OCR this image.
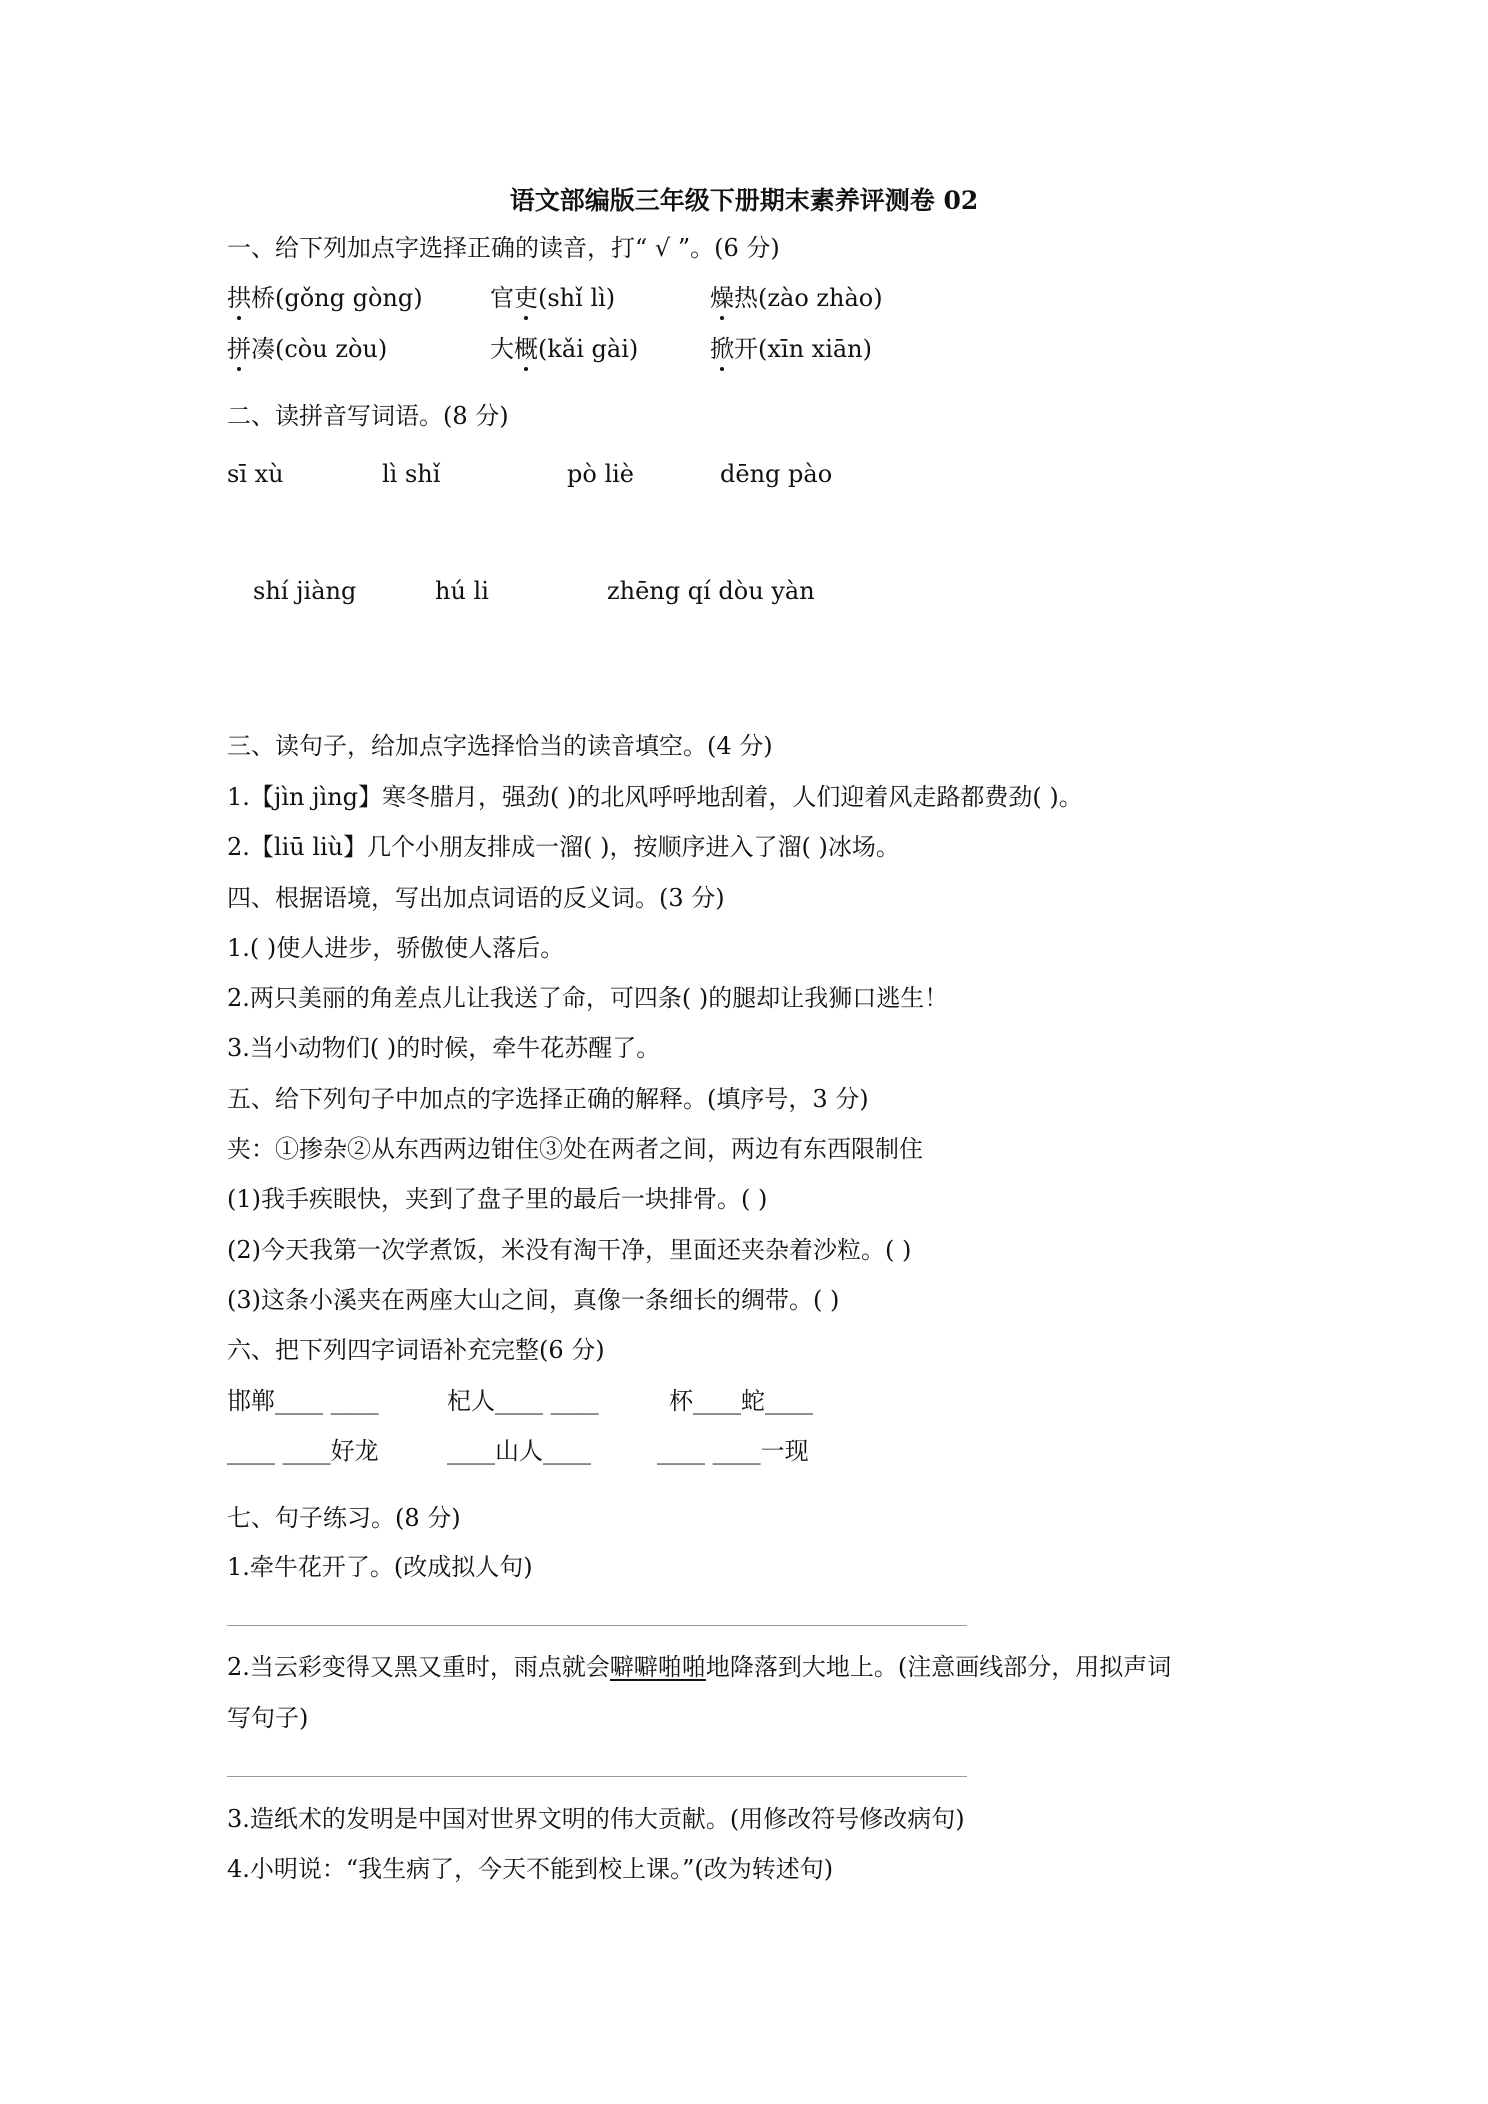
语文部编版三年级下册期末素养评测卷 02
一、给下列加点字选择正确的读音，打“ √ ”。(6 分)
拱桥(gǒng gòng)	官吏(shǐ lì)	燥热(zào zhào)
拼凑(còu zòu)	大概(kǎi gài)	掀开(xīn xiān)
二、读拼音写词语。(8 分)
sī xù	lì shǐ	pò liè	dēng pào
shí jiàng	hú li	zhēng qí dòu yàn
三、读句子，给加点字选择恰当的读音填空。(4 分)
1.【jìn jìng】寒冬腊月，强劲( )的北风呼呼地刮着，人们迎着风走路都费劲( )。
2.【liū liù】几个小朋友排成一溜( )，按顺序进入了溜( )冰场。
四、根据语境，写出加点词语的反义词。(3 分)
1.( )使人进步，骄傲使人落后。
2.两只美丽的角差点儿让我送了命，可四条( )的腿却让我狮口逃生！
3.当小动物们( )的时候，牵牛花苏醒了。
五、给下列句子中加点的字选择正确的解释。(填序号，3 分)
夹：①掺杂②从东西两边钳住③处在两者之间，两边有东西限制住
(1)我手疾眼快，夹到了盘子里的最后一块排骨。( )
(2)今天我第一次学煮饭，米没有淘干净，里面还夹杂着沙粒。( )
(3)这条小溪夹在两座大山之间，真像一条细长的绸带。( )
六、把下列四字词语补充完整(6 分)
邯郸____ ____	杞人____ ____	杯____蛇____
____ ____好龙	____山人____	____ ____一现
七、句子练习。(8 分)
1.牵牛花开了。(改成拟人句)
2.当云彩变得又黑又重时，雨点就会噼噼啪啪地降落到大地上。(注意画线部分，用拟声词
写句子)
3.造纸术的发明是中国对世界文明的伟大贡献。(用修改符号修改病句)
4.小明说：“我生病了，今天不能到校上课。”(改为转述句)
